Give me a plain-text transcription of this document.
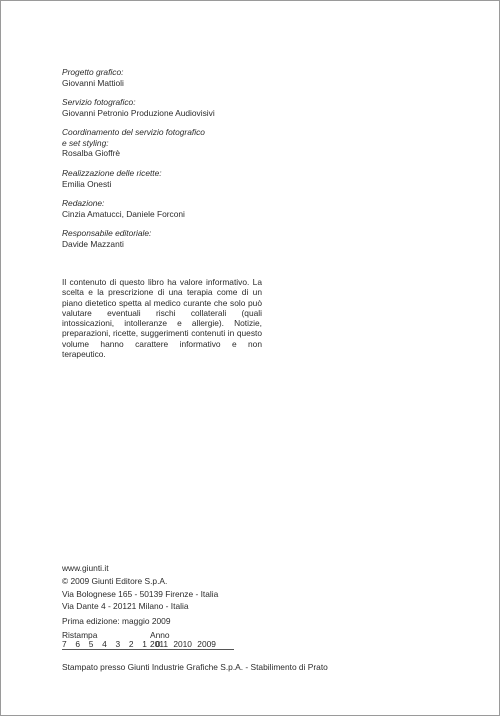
Progetto grafico:
Giovanni Mattioli
Servizio fotografico:
Giovanni Petronio Produzione Audiovisivi
Coordinamento del servizio fotografico
e set styling:
Rosalba Gioffrè
Realizzazione delle ricette:
Emilia Onesti
Redazione:
Cinzia Amatucci, Daniele Forconi
Responsabile editoriale:
Davide Mazzanti

Il contenuto di questo libro ha valore informativo. La scelta e la prescrizione di una terapia come di un piano dietetico spetta al medico curante che solo può valutare eventuali rischi collaterali (quali intossicazioni, intolleranze e allergie). Notizie, preparazioni, ricette, suggerimenti contenuti in questo volume hanno carattere informativo e non terapeutico.

www.giunti.it
© 2009 Giunti Editore S.p.A.
Via Bolognese 165 - 50139 Firenze - Italia
Via Dante 4 - 20121 Milano - Italia
Prima edizione: maggio 2009
Ristampa	Anno
7 6 5 4 3 2 1 0
2011 2010 2009
Stampato presso Giunti Industrie Grafiche S.p.A. - Stabilimento di Prato
